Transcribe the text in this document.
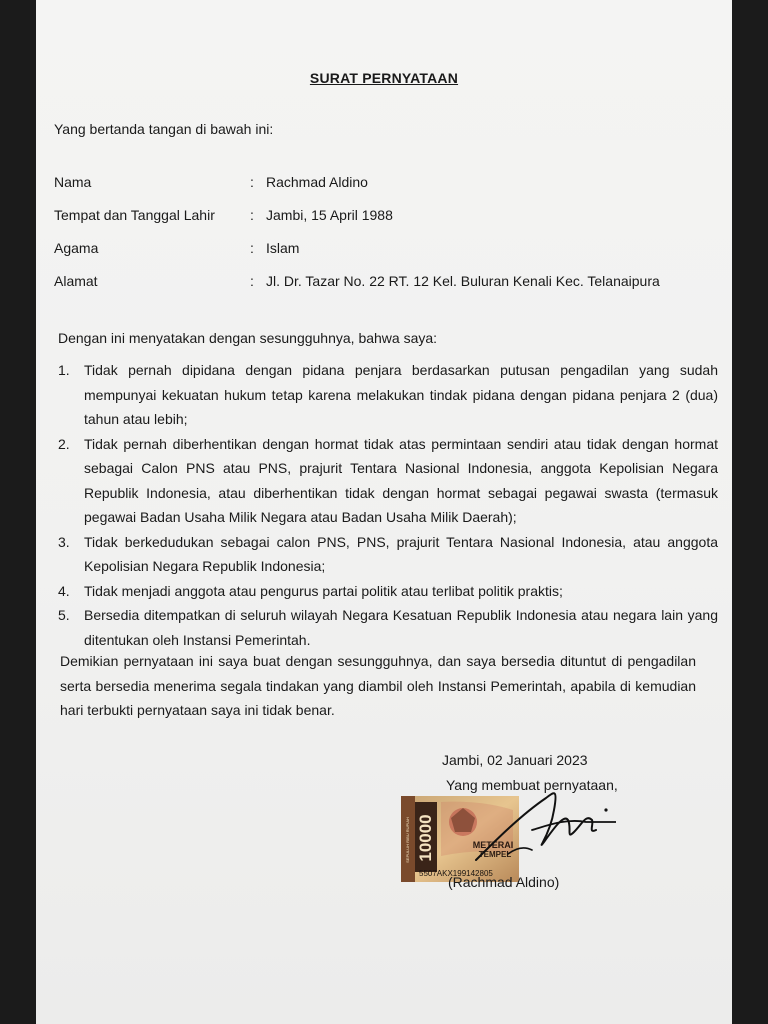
SURAT PERNYATAAN
Yang bertanda tangan di bawah ini:
Nama	: Rachmad Aldino
Tempat dan Tanggal Lahir	: Jambi, 15 April 1988
Agama	: Islam
Alamat	: Jl. Dr. Tazar No. 22 RT. 12 Kel. Buluran Kenali Kec. Telanaipura
Dengan ini menyatakan dengan sesungguhnya, bahwa saya:
1. Tidak pernah dipidana dengan pidana penjara berdasarkan putusan pengadilan yang sudah mempunyai kekuatan hukum tetap karena melakukan tindak pidana dengan pidana penjara 2 (dua) tahun atau lebih;
2. Tidak pernah diberhentikan dengan hormat tidak atas permintaan sendiri atau tidak dengan hormat sebagai Calon PNS atau PNS, prajurit Tentara Nasional Indonesia, anggota Kepolisian Negara Republik Indonesia, atau diberhentikan tidak dengan hormat sebagai pegawai swasta (termasuk pegawai Badan Usaha Milik Negara atau Badan Usaha Milik Daerah);
3. Tidak berkedudukan sebagai calon PNS, PNS, prajurit Tentara Nasional Indonesia, atau anggota Kepolisian Negara Republik Indonesia;
4. Tidak menjadi anggota atau pengurus partai politik atau terlibat politik praktis;
5. Bersedia ditempatkan di seluruh wilayah Negara Kesatuan Republik Indonesia atau negara lain yang ditentukan oleh Instansi Pemerintah.
Demikian pernyataan ini saya buat dengan sesungguhnya, dan saya bersedia dituntut di pengadilan serta bersedia menerima segala tindakan yang diambil oleh Instansi Pemerintah, apabila di kemudian hari terbukti pernyataan saya ini tidak benar.
Jambi, 02 Januari 2023
Yang membuat pernyataan,
10000
SEPULUH RIBU RUPIAH	METERAI
TEMPEL
5507AKX199142805
(Rachmad Aldino)
